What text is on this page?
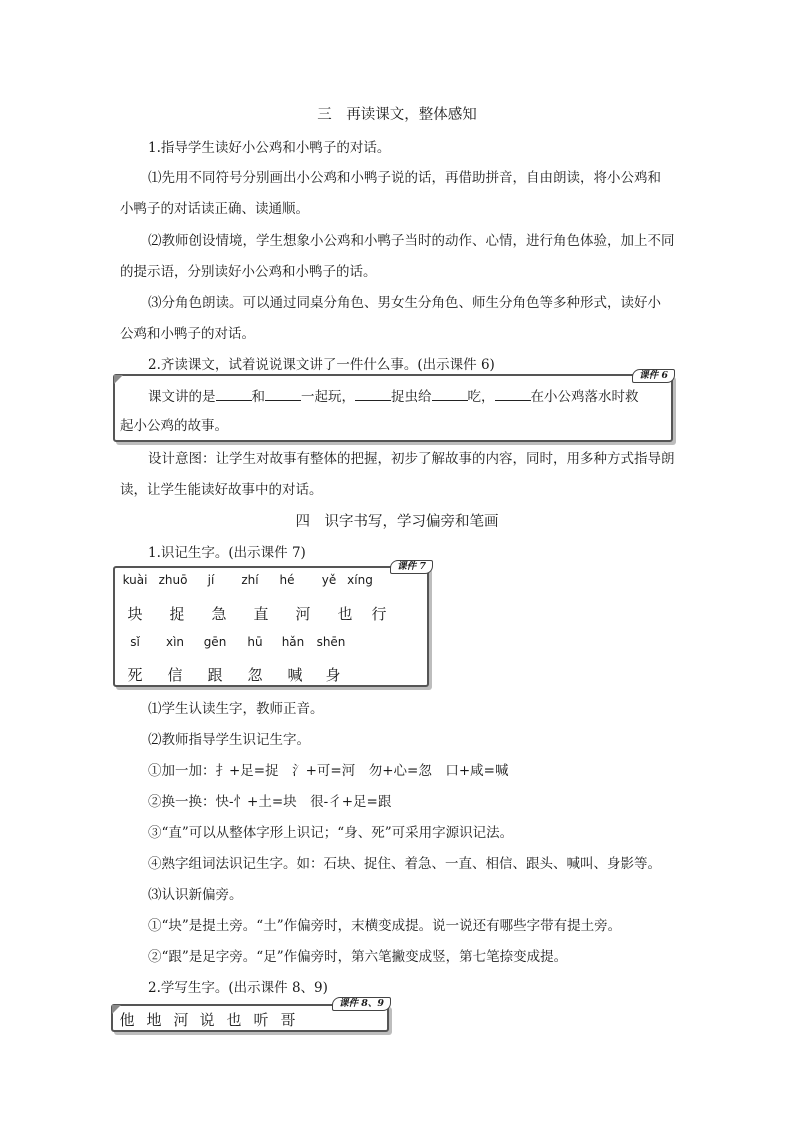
三　再读课文，整体感知
1.指导学生读好小公鸡和小鸭子的对话。
⑴先用不同符号分别画出小公鸡和小鸭子说的话，再借助拼音，自由朗读，将小公鸡和
小鸭子的对话读正确、读通顺。
⑵教师创设情境，学生想象小公鸡和小鸭子当时的动作、心情，进行角色体验，加上不同
的提示语，分别读好小公鸡和小鸭子的话。
⑶分角色朗读。可以通过同桌分角色、男女生分角色、师生分角色等多种形式，读好小
公鸡和小鸭子的对话。
2.齐读课文，试着说说课文讲了一件什么事。(出示课件 6)
课件 6
课文讲的是	和	一起玩，	捉虫给	吃，	在小公鸡落水时救
起小公鸡的故事。
设计意图：让学生对故事有整体的把握，初步了解故事的内容，同时，用多种方式指导朗
读，让学生能读好故事中的对话。
四　识字书写，学习偏旁和笔画
1.识记生字。(出示课件 7)
课件 7
kuài zhuō	jí	zhí	hé	yě xíng
块	捉	急	直	河	也	行
sǐ	xìn	gēn	hū	hǎn	shēn
死	信	跟	忽	喊	身
⑴学生认读生字，教师正音。
⑵教师指导学生识记生字。
①加一加：扌+足=捉　氵+可=河　勿+心=忽　口+咸=喊
②换一换：快-忄+土=块　很-彳+足=跟
③“直”可以从整体字形上识记；“身、死”可采用字源识记法。
④熟字组词法识记生字。如：石块、捉住、着急、一直、相信、跟头、喊叫、身影等。
⑶认识新偏旁。
①“块”是提土旁。“土”作偏旁时，末横变成提。说一说还有哪些字带有提土旁。
②“跟”是足字旁。“足”作偏旁时，第六笔撇变成竖，第七笔捺变成提。
2.学写生字。(出示课件 8、9)
课件 8、9
他 地 河 说 也 听 哥
